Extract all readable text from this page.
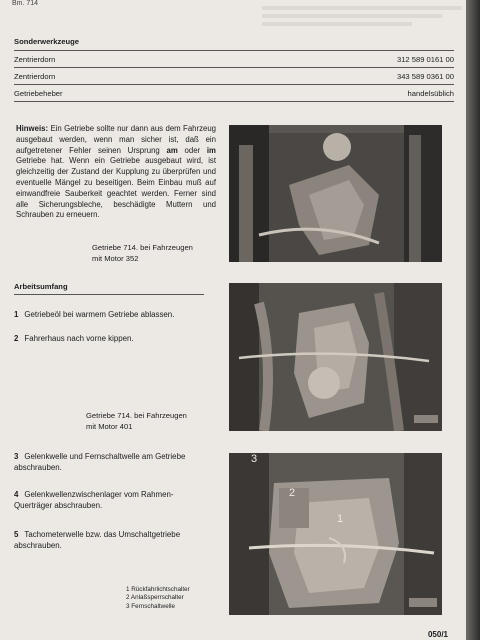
Bm. 714
Sonderwerkzeuge
Zentrierdorn	312 589 0161 00
Zentrierdorn	343 589 0361 00
Getriebeheber	handelsüblich
Hinweis: Ein Getriebe sollte nur dann aus dem Fahrzeug ausgebaut werden, wenn man sicher ist, daß ein aufgetretener Fehler seinen Ursprung am oder im Getriebe hat. Wenn ein Getriebe ausgebaut wird, ist gleichzeitig der Zustand der Kupplung zu überprüfen und eventuelle Mängel zu beseitigen. Beim Einbau muß auf einwandfreie Sauberkeit geachtet werden. Ferner sind alle Sicherungsbleche, beschädigte Muttern und Schrauben zu erneuern.
Getriebe 714. bei Fahrzeugen
mit Motor 352
Arbeitsumfang
1 Getriebeöl bei warmem Getriebe ablassen.
2 Fahrerhaus nach vorne kippen.
Getriebe 714. bei Fahrzeugen
mit Motor 401
3 Gelenkwelle und Fernschaltwelle am Getriebe abschrauben.
4 Gelenkwellenzwischenlager vom Rahmen-Querträger abschrauben.
5 Tachometerwelle bzw. das Umschaltgetriebe abschrauben.
3
2
1
1 Rückfahrlichtschalter
2 Anlaßsperrschalter
3 Fernschaltwelle
050/1
